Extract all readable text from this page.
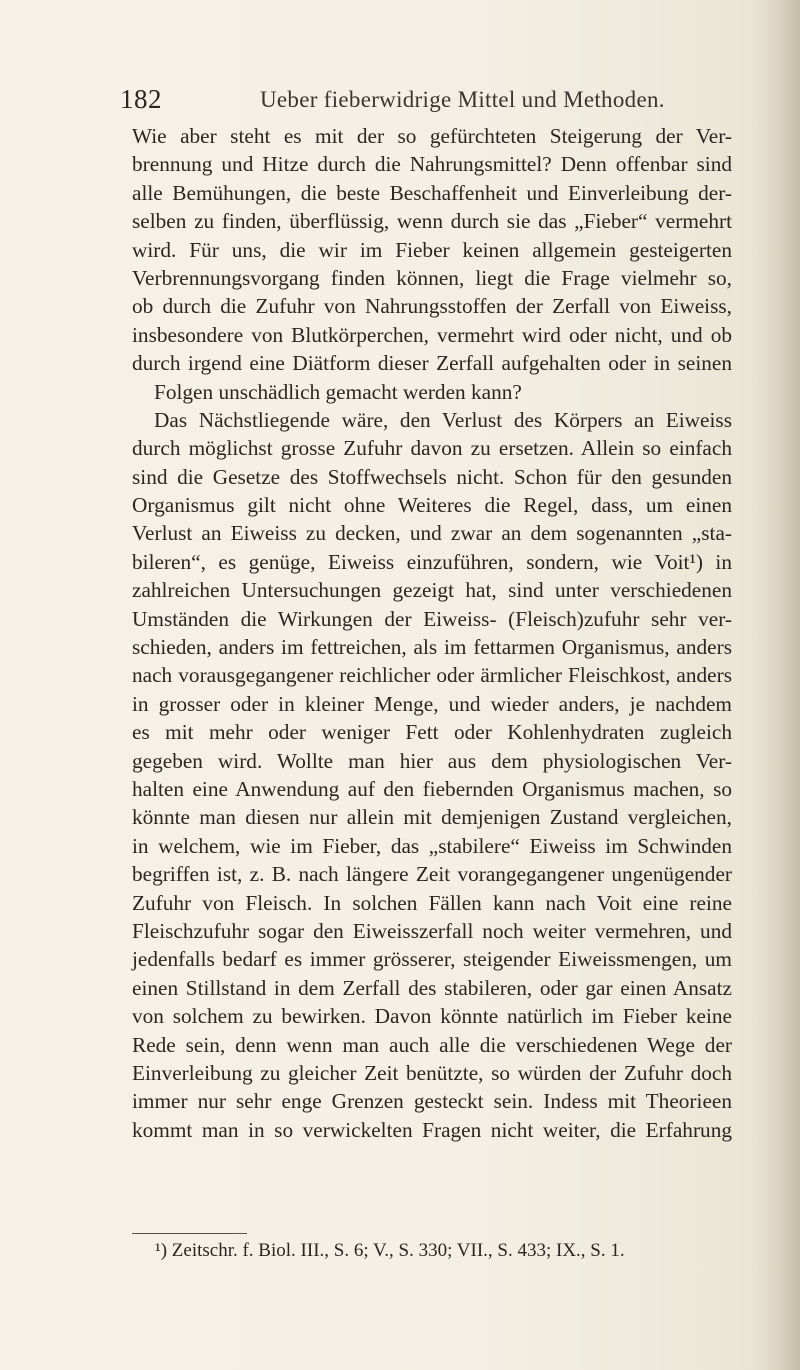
182	Ueber fieberwidrige Mittel und Methoden.
Wie aber steht es mit der so gefürchteten Steigerung der Ver-
brennung und Hitze durch die Nahrungsmittel? Denn offenbar sind
alle Bemühungen, die beste Beschaffenheit und Einverleibung der-
selben zu finden, überflüssig, wenn durch sie das „Fieber“ vermehrt
wird. Für uns, die wir im Fieber keinen allgemein gesteigerten
Verbrennungsvorgang finden können, liegt die Frage vielmehr so,
ob durch die Zufuhr von Nahrungsstoffen der Zerfall von Eiweiss,
insbesondere von Blutkörperchen, vermehrt wird oder nicht, und ob
durch irgend eine Diätform dieser Zerfall aufgehalten oder in seinen
Folgen unschädlich gemacht werden kann?
Das Nächstliegende wäre, den Verlust des Körpers an Eiweiss
durch möglichst grosse Zufuhr davon zu ersetzen. Allein so einfach
sind die Gesetze des Stoffwechsels nicht. Schon für den gesunden
Organismus gilt nicht ohne Weiteres die Regel, dass, um einen
Verlust an Eiweiss zu decken, und zwar an dem sogenannten „sta-
bileren“, es genüge, Eiweiss einzuführen, sondern, wie Voit¹) in
zahlreichen Untersuchungen gezeigt hat, sind unter verschiedenen
Umständen die Wirkungen der Eiweiss- (Fleisch)zufuhr sehr ver-
schieden, anders im fettreichen, als im fettarmen Organismus, anders
nach vorausgegangener reichlicher oder ärmlicher Fleischkost, anders
in grosser oder in kleiner Menge, und wieder anders, je nachdem
es mit mehr oder weniger Fett oder Kohlenhydraten zugleich
gegeben wird. Wollte man hier aus dem physiologischen Ver-
halten eine Anwendung auf den fiebernden Organismus machen, so
könnte man diesen nur allein mit demjenigen Zustand vergleichen,
in welchem, wie im Fieber, das „stabilere“ Eiweiss im Schwinden
begriffen ist, z. B. nach längere Zeit vorangegangener ungenügender
Zufuhr von Fleisch. In solchen Fällen kann nach Voit eine reine
Fleischzufuhr sogar den Eiweisszerfall noch weiter vermehren, und
jedenfalls bedarf es immer grösserer, steigender Eiweissmengen, um
einen Stillstand in dem Zerfall des stabileren, oder gar einen Ansatz
von solchem zu bewirken. Davon könnte natürlich im Fieber keine
Rede sein, denn wenn man auch alle die verschiedenen Wege der
Einverleibung zu gleicher Zeit benützte, so würden der Zufuhr doch
immer nur sehr enge Grenzen gesteckt sein. Indess mit Theorieen
kommt man in so verwickelten Fragen nicht weiter, die Erfahrung
¹) Zeitschr. f. Biol. III., S. 6; V., S. 330; VII., S. 433; IX., S. 1.
